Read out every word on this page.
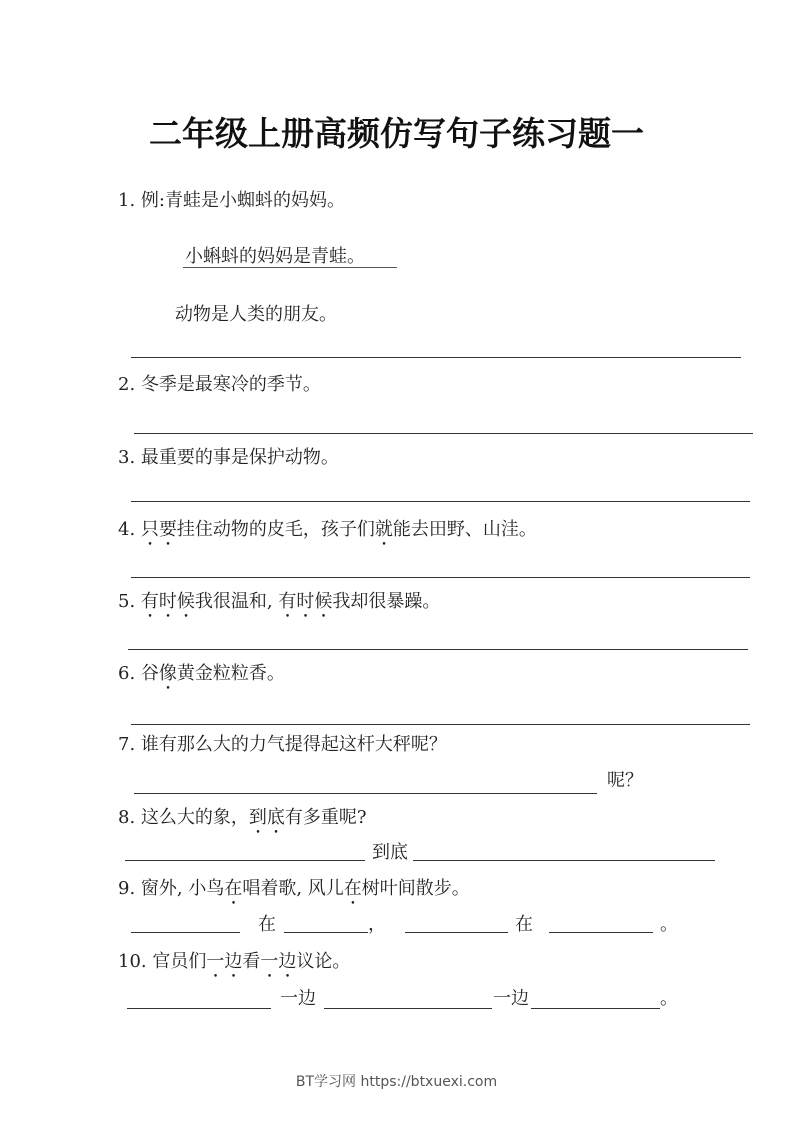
二年级上册高频仿写句子练习题一
1. 例:青蛙是小蜘蚪的妈妈。
小蝌蚪的妈妈是青蛙。
动物是人类的朋友。
2. 冬季是最寒冷的季节。
3. 最重要的事是保护动物。
4. 只要挂住动物的皮毛，孩子们就能去田野、山洼。
5. 有时候我很温和, 有时候我却很暴躁。
6. 谷像黄金粒粒香。
7. 谁有那么大的力气提得起这杆大秤呢？
呢？
8. 这么大的象，到底有多重呢?
到底
9. 窗外, 小鸟在唱着歌, 风儿在树叶间散步。
在	，	在	。
10. 官员们一边看一边议论。
一边	一边	。
BT学习网 https://btxuexi.com
